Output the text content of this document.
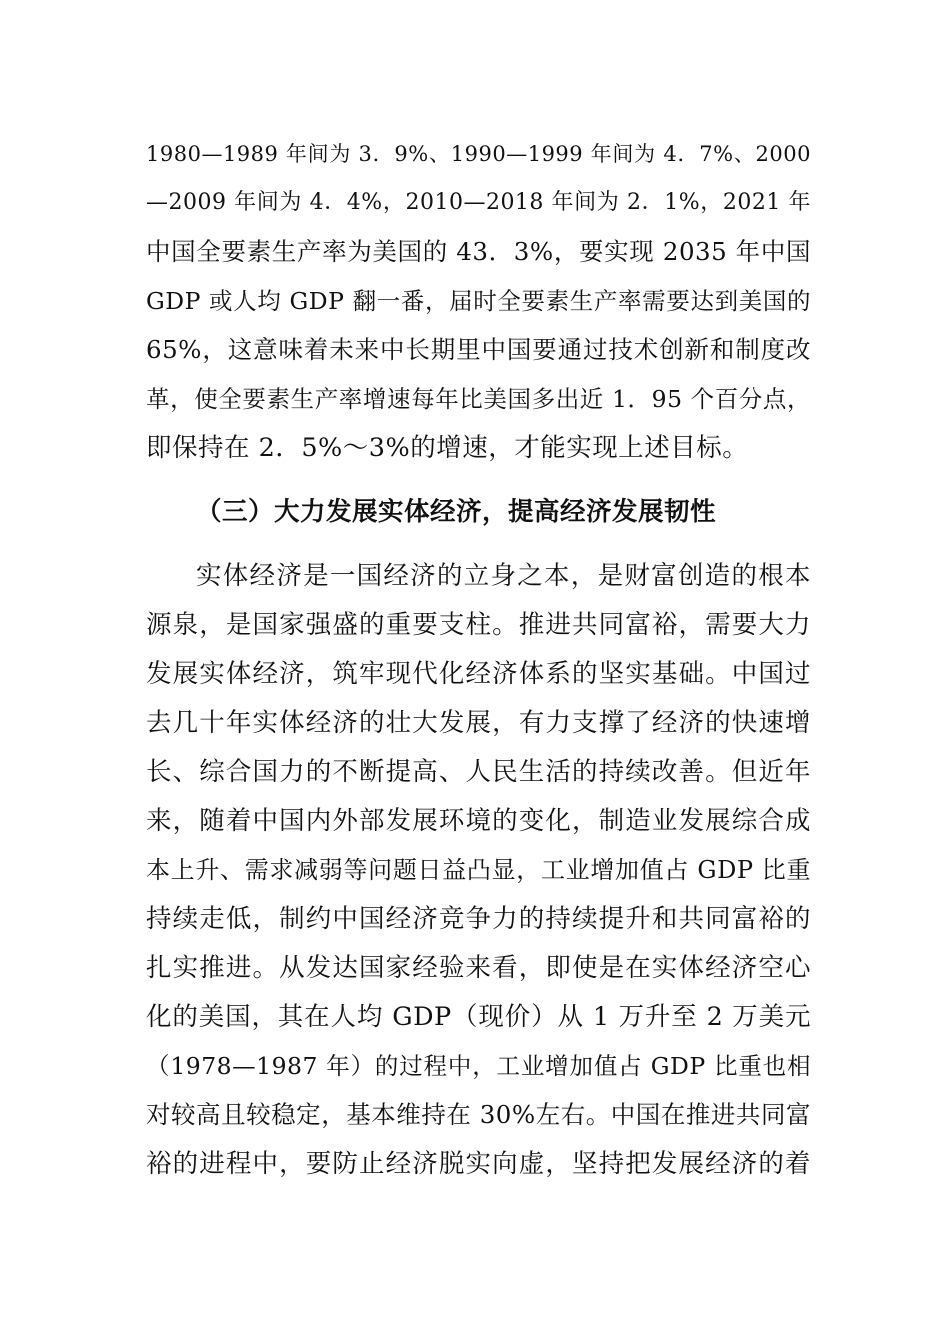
1980—1989 年间为 3．9%、1990—1999 年间为 4．7%、2000
—2009 年间为 4．4%，2010—2018 年间为 2．1%，2021 年
中国全要素生产率为美国的 43．3%，要实现 2035 年中国
GDP 或人均 GDP 翻一番，届时全要素生产率需要达到美国的
65%，这意味着未来中长期里中国要通过技术创新和制度改
革，使全要素生产率增速每年比美国多出近 1．95 个百分点，
即保持在 2．5%～3%的增速，才能实现上述目标。
（三）大力发展实体经济，提高经济发展韧性
实体经济是一国经济的立身之本，是财富创造的根本
源泉，是国家强盛的重要支柱。推进共同富裕，需要大力
发展实体经济，筑牢现代化经济体系的坚实基础。中国过
去几十年实体经济的壮大发展，有力支撑了经济的快速增
长、综合国力的不断提高、人民生活的持续改善。但近年
来，随着中国内外部发展环境的变化，制造业发展综合成
本上升、需求减弱等问题日益凸显，工业增加值占 GDP 比重
持续走低，制约中国经济竞争力的持续提升和共同富裕的
扎实推进。从发达国家经验来看，即使是在实体经济空心
化的美国，其在人均 GDP（现价）从 1 万升至 2 万美元
（1978—1987 年）的过程中，工业增加值占 GDP 比重也相
对较高且较稳定，基本维持在 30%左右。中国在推进共同富
裕的进程中，要防止经济脱实向虚，坚持把发展经济的着
